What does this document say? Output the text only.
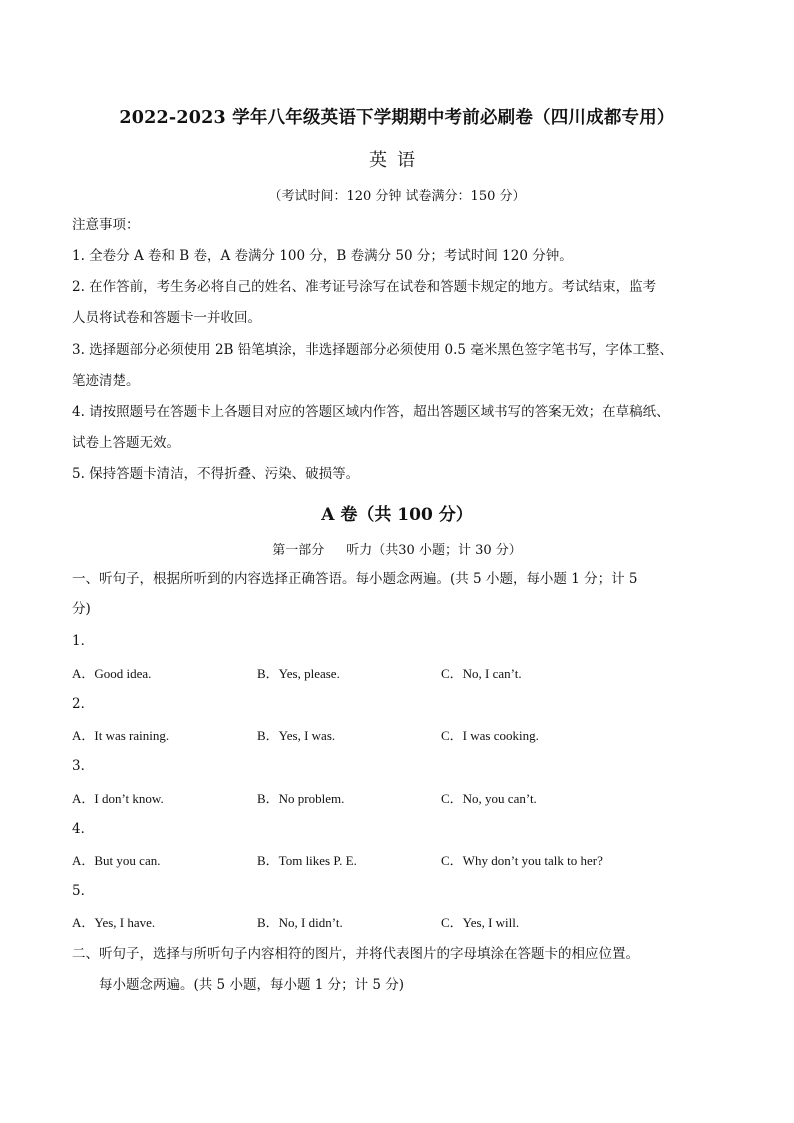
2022-2023 学年八年级英语下学期期中考前必刷卷（四川成都专用）
英语
（考试时间：120 分钟 试卷满分：150 分）
注意事项：
1. 全卷分 A 卷和 B 卷，A 卷满分 100 分，B 卷满分 50 分；考试时间 120 分钟。
2. 在作答前，考生务必将自己的姓名、准考证号涂写在试卷和答题卡规定的地方。考试结束，监考
人员将试卷和答题卡一并收回。
3. 选择题部分必须使用 2B 铅笔填涂，非选择题部分必须使用 0.5 毫米黑色签字笔书写，字体工整、
笔迹清楚。
4. 请按照题号在答题卡上各题目对应的答题区域内作答，超出答题区域书写的答案无效；在草稿纸、
试卷上答题无效。
5. 保持答题卡清洁，不得折叠、污染、破损等。
A 卷（共 100 分）
第一部分 听力（共30 小题；计 30 分）
一、听句子，根据所听到的内容选择正确答语。每小题念两遍。(共 5 小题，每小题 1 分；计 5
分)
1．
A．Good idea.	B．Yes, please.	C．No, I can’t.
2．
A．It was raining.	B．Yes, I was.	C．I was cooking.
3．
A．I don’t know.	B．No problem.	C．No, you can’t.
4．
A．But you can.	B．Tom likes P. E.	C．Why don’t you talk to her?
5．
A．Yes, I have.	B．No, I didn’t.	C．Yes, I will.
二、听句子，选择与所听句子内容相符的图片，并将代表图片的字母填涂在答题卡的相应位置。
每小题念两遍。(共 5 小题，每小题 1 分；计 5 分)
